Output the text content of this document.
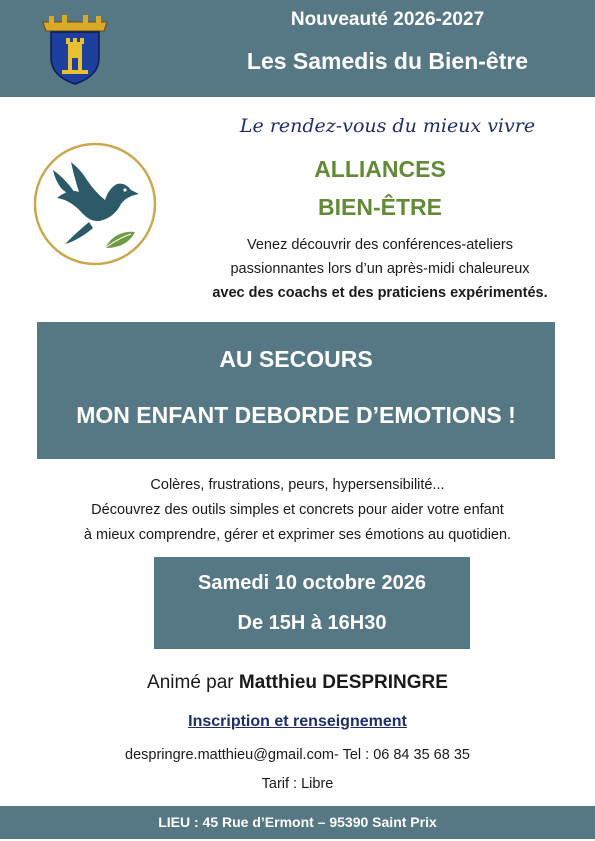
Nouveauté 2026-2027
Les Samedis du Bien-être
Le rendez-vous du mieux vivre
ALLIANCES
BIEN-ÊTRE
Venez découvrir des conférences-ateliers
passionnantes lors d’un après-midi chaleureux
avec des coachs et des praticiens expérimentés.
AU SECOURS
MON ENFANT DEBORDE D’EMOTIONS !
Colères, frustrations, peurs, hypersensibilité...
Découvrez des outils simples et concrets pour aider votre enfant
à mieux comprendre, gérer et exprimer ses émotions au quotidien.
Samedi 10 octobre 2026
De 15H à 16H30
Animé par Matthieu DESPRINGRE
Inscription et renseignement
despringre.matthieu@gmail.com- Tel : 06 84 35 68 35
Tarif : Libre
LIEU : 45 Rue d’Ermont – 95390 Saint Prix
